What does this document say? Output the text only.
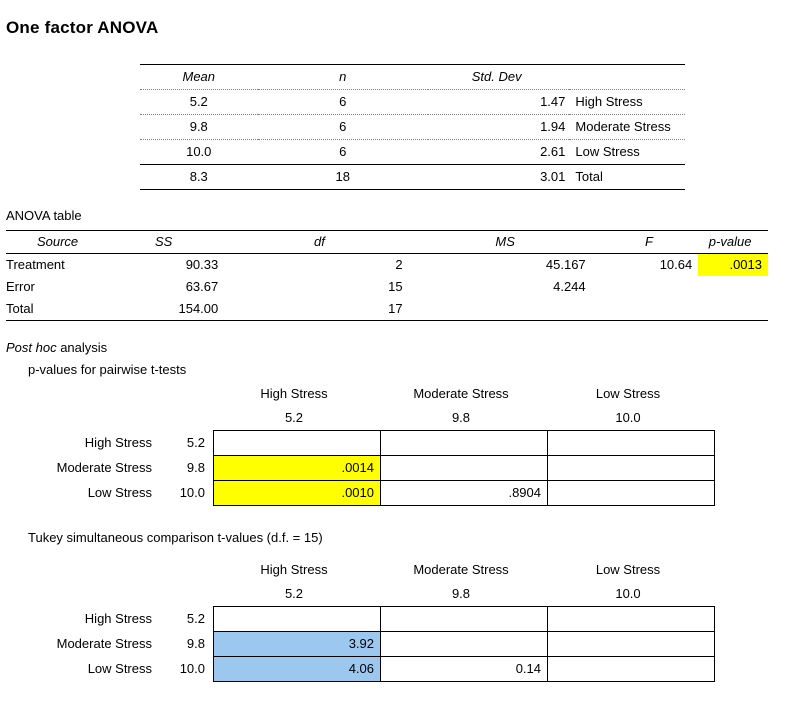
One factor ANOVA
Mean	n	Std. Dev	
5.2	6	1.47	High Stress
9.8	6	1.94	Moderate Stress
10.0	6	2.61	Low Stress
8.3	18	3.01	Total
ANOVA table
Source	SS	df	MS	F	p-value
Treatment	90.33	2	45.167	10.64	.0013
Error	63.67	15	4.244		
Total	154.00	17			
Post hoc analysis
p-values for pairwise t-tests
		High Stress	Moderate Stress	Low Stress
		5.2	9.8	10.0
High Stress	5.2			
Moderate Stress	9.8	.0014		
Low Stress	10.0	.0010	.8904	
Tukey simultaneous comparison t-values (d.f. = 15)
		High Stress	Moderate Stress	Low Stress
		5.2	9.8	10.0
High Stress	5.2			
Moderate Stress	9.8	3.92		
Low Stress	10.0	4.06	0.14	
